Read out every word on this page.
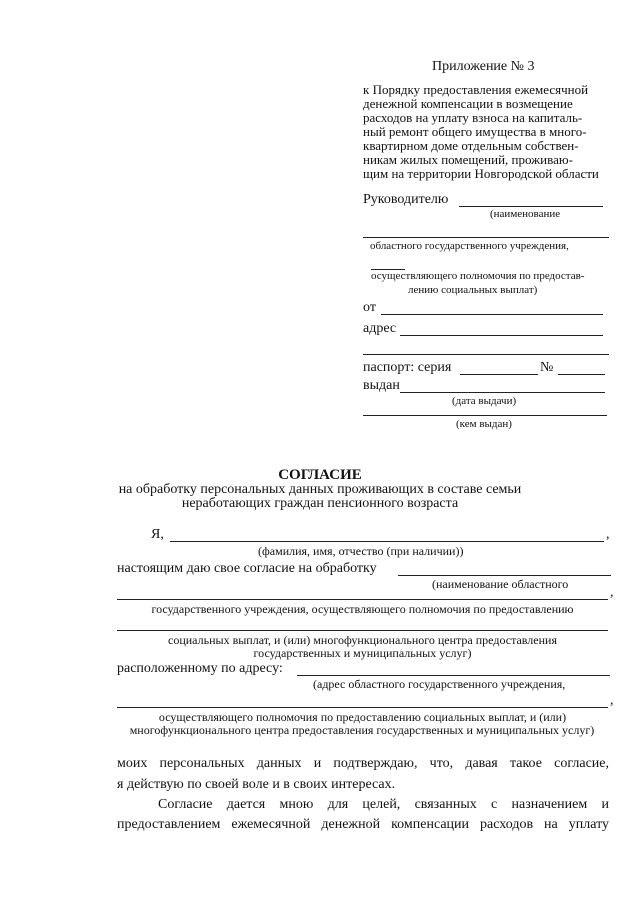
Приложение № 3
к Порядку предоставления ежемесячной
денежной компенсации в возмещение
расходов на уплату взноса на капиталь-
ный ремонт общего имущества в много-
квартирном доме отдельным собствен-
никам жилых помещений, проживаю-
щим на территории Новгородской области
Руководителю
(наименование
областного государственного учреждения,
осуществляющего полномочия по предостав-
лению социальных выплат)
от
адрес
паспорт: серия	№
выдан
(дата выдачи)
(кем выдан)
СОГЛАСИЕ
на обработку персональных данных проживающих в составе семьи
неработающих граждан пенсионного возраста
Я,	,
(фамилия, имя, отчество (при наличии))
настоящим даю свое согласие на обработку
(наименование областного
,
государственного учреждения, осуществляющего полномочия по предоставлению
социальных выплат, и (или) многофункционального центра предоставления
государственных и муниципальных услуг)
расположенному по адресу:
(адрес областного государственного учреждения,
,
осуществляющего полномочия по предоставлению социальных выплат, и (или)
многофункционального центра предоставления государственных и муниципальных услуг)
моих персональных данных и подтверждаю, что, давая такое согласие,
я действую по своей воле и в своих интересах.
Согласие дается мною для целей, связанных с назначением и
предоставлением ежемесячной денежной компенсации расходов на уплату
